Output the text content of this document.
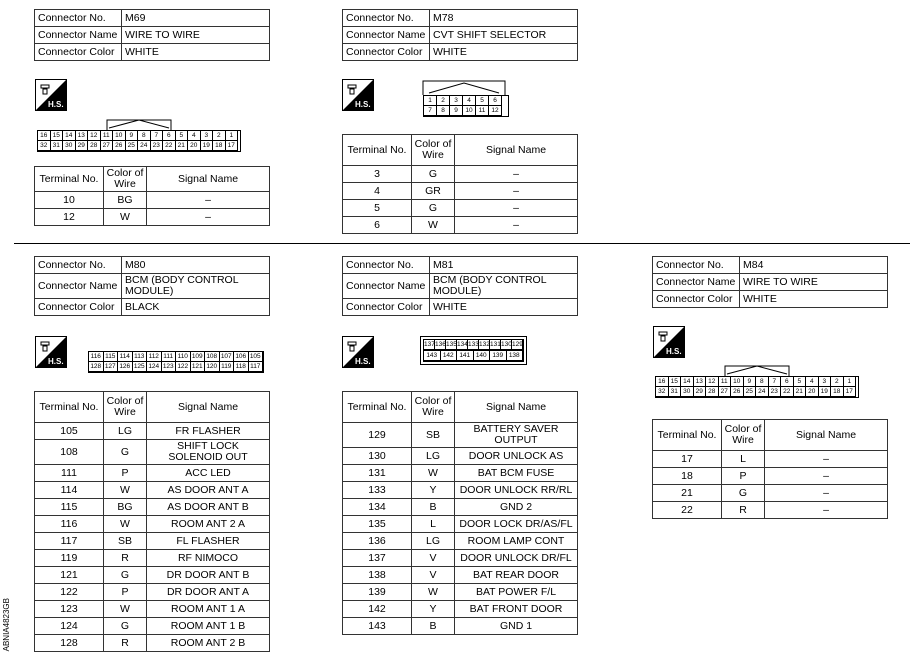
Connector No.	M69
Connector Name	WIRE TO WIRE
Connector Color	WHITE
H.S.
16 15 14 13 12 11 10	9	8	7	6	5	4	3	2	1
32 31 30 29 28 27 26 25 24 23 22 21 20 19 18 17
Terminal No.	Color of Wire	Signal Name
10	BG	–
12	W	–
Connector No.	M78
Connector Name	CVT SHIFT SELECTOR
Connector Color	WHITE
H.S.	1	2	3	4	5	6
7	8	9	10 11 12
Terminal No.	Color of Wire	Signal Name
3	G	–
4	GR	–
5	G	–
6	W	–
Connector No.	M80
Connector Name	BCM (BODY CONTROL MODULE)
Connector Color	BLACK
H.S.
116 115 114 113 112 111 110 109 108 107 106 105
128 127 126 125 124 123 122 121 120 119 118 117
Terminal No.	Color of Wire	Signal Name
105	LG	FR FLASHER
108	G	SHIFT LOCK SOLENOID OUT
111	P	ACC LED
114	W	AS DOOR ANT A
115	BG	AS DOOR ANT B
116	W	ROOM ANT 2 A
117	SB	FL FLASHER
119	R	RF NIMOCO
121	G	DR DOOR ANT B
122	P	DR DOOR ANT A
123	W	ROOM ANT 1 A
124	G	ROOM ANT 1 B
128	R	ROOM ANT 2 B
Connector No.	M81
Connector Name	BCM (BODY CONTROL MODULE)
Connector Color	WHITE
H.S.
137 136 135 134 133 132 131 130 129
143 142 141 140 139 138
Terminal No.	Color of Wire	Signal Name
129	SB	BATTERY SAVER OUTPUT
130	LG	DOOR UNLOCK AS
131	W	BAT BCM FUSE
133	Y	DOOR UNLOCK RR/RL
134	B	GND 2
135	L	DOOR LOCK DR/AS/FL
136	LG	ROOM LAMP CONT
137	V	DOOR UNLOCK DR/FL
138	V	BAT REAR DOOR
139	W	BAT POWER F/L
142	Y	BAT FRONT DOOR
143	B	GND 1
Connector No.	M84
Connector Name	WIRE TO WIRE
Connector Color	WHITE
H.S.
16 15 14 13 12 11 10	9	8	7	6	5	4	3	2	1
32 31 30 29 28 27 26 25 24 23 22 21 20 19 18 17
Terminal No.	Color of Wire	Signal Name
17	L	–
18	P	–
21	G	–
22	R	–
ABNIA4823GB
